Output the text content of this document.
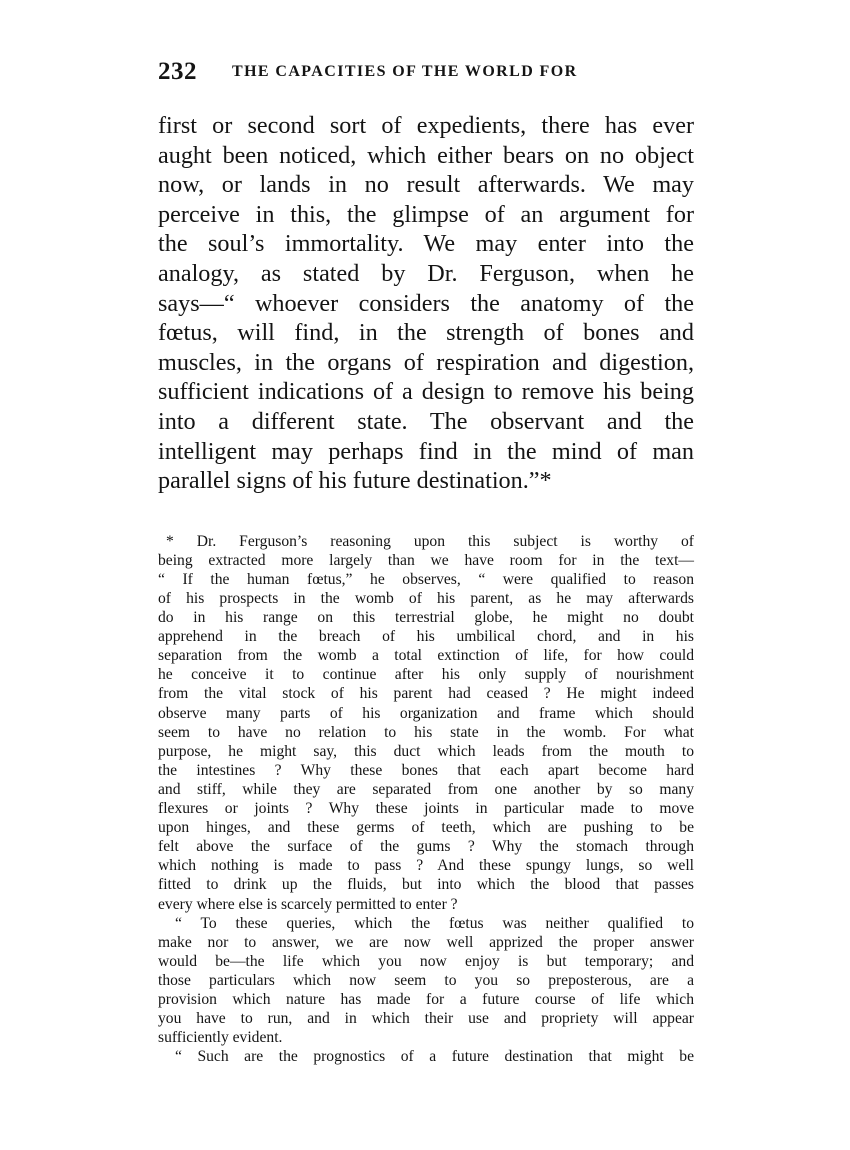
232 THE CAPACITIES OF THE WORLD FOR
first or second sort of expedients, there has ever
aught been noticed, which either bears on no object
now, or lands in no result afterwards. We may
perceive in this, the glimpse of an argument for
the soul’s immortality. We may enter into the
analogy, as stated by Dr. Ferguson, when he
says—“ whoever considers the anatomy of the
fœtus, will find, in the strength of bones and
muscles, in the organs of respiration and digestion,
sufficient indications of a design to remove his being
into a different state. The observant and the
intelligent may perhaps find in the mind of man
parallel signs of his future destination.”*
* Dr. Ferguson’s reasoning upon this subject is worthy of
being extracted more largely than we have room for in the text—
“ If the human fœtus,” he observes, “ were qualified to reason
of his prospects in the womb of his parent, as he may afterwards
do in his range on this terrestrial globe, he might no doubt
apprehend in the breach of his umbilical chord, and in his
separation from the womb a total extinction of life, for how could
he conceive it to continue after his only supply of nourishment
from the vital stock of his parent had ceased ? He might indeed
observe many parts of his organization and frame which should
seem to have no relation to his state in the womb. For what
purpose, he might say, this duct which leads from the mouth to
the intestines ? Why these bones that each apart become hard
and stiff, while they are separated from one another by so many
flexures or joints ? Why these joints in particular made to move
upon hinges, and these germs of teeth, which are pushing to be
felt above the surface of the gums ? Why the stomach through
which nothing is made to pass ? And these spungy lungs, so well
fitted to drink up the fluids, but into which the blood that passes
every where else is scarcely permitted to enter ?
“ To these queries, which the fœtus was neither qualified to
make nor to answer, we are now well apprized the proper answer
would be—the life which you now enjoy is but temporary; and
those particulars which now seem to you so preposterous, are a
provision which nature has made for a future course of life which
you have to run, and in which their use and propriety will appear
sufficiently evident.
“ Such are the prognostics of a future destination that might be
